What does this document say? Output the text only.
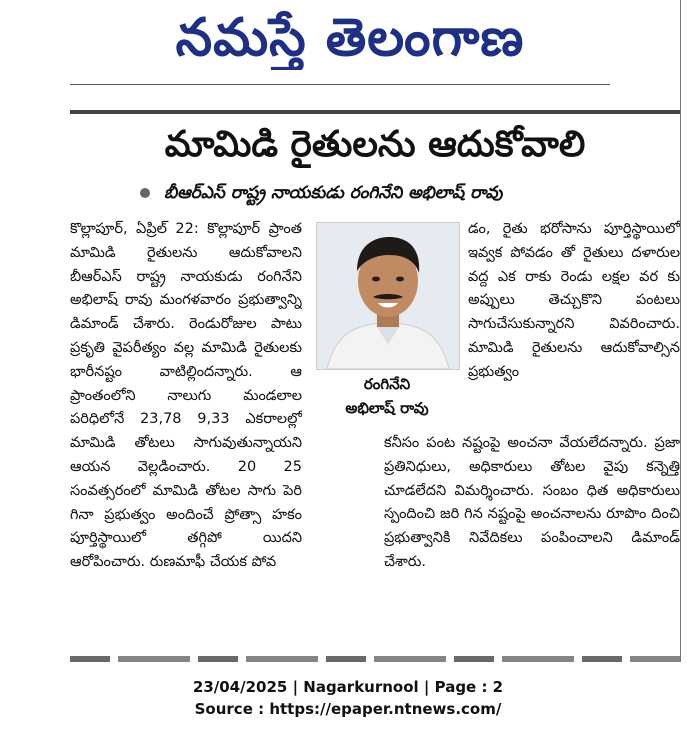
నమస్తే తెలంగాణ
మామిడి రైతులను ఆదుకోవాలి
బీఆర్ఎస్ రాష్ట్ర నాయకుడు రంగినేని అభిలాష్ రావు
కొల్లాపూర్, ఏప్రిల్ 22: కొల్లాపూర్ ప్రాంత మామిడి రైతులను ఆదుకోవాలని బీఆర్ఎస్ రాష్ట్ర నాయకుడు రంగినేని అభిలాష్ రావు మంగళవారం ప్రభుత్వాన్ని డిమాండ్ చేశారు. రెండురోజుల పాటు ప్రకృతి వైపరీత్యం వల్ల మామిడి రైతులకు భారీనష్టం వాటిల్లిందన్నారు. ఆ ప్రాంతంలోని నాలుగు మండలాల పరిధిలోనే 23,78 9,33 ఎకరాలల్లో మామిడి తోటలు సాగువుతున్నాయని ఆయన వెల్లడించారు. 20 25 సంవత్సరంలో మామిడి తోటల సాగు పెరి గినా ప్రభుత్వం అందించే ప్రోత్సా హకం పూర్తిస్థాయిలో తగ్గిపో యిదని ఆరోపించారు. రుణమాఫీ చేయక పోవ
రంగినేని
అభిలాష్ రావు
డం, రైతు భరోసాను పూర్తిస్థాయిలో ఇవ్వక పోవడం తో రైతులు దళారుల వద్ద ఎక రాకు రెండు లక్షల వర కు అప్పులు తెచ్చుకొని పంటలు సాగుచేసుకున్నారని వివరించారు. మామిడి రైతులను ఆదుకోవాల్సిన ప్రభుత్వం
కనీసం పంట నష్టంపై అంచనా వేయలేదన్నారు. ప్రజా ప్రతినిధులు, అధికారులు తోటల వైపు కన్నెత్తి చూడలేదని విమర్శించారు. సంబం ధిత అధికారులు స్పందించి జరి గిన నష్టంపై అంచనాలను రూపొం దించి ప్రభుత్వానికి నివేదికలు పంపించాలని డిమాండ్ చేశారు.
23/04/2025 | Nagarkurnool | Page : 2
Source : https://epaper.ntnews.com/
